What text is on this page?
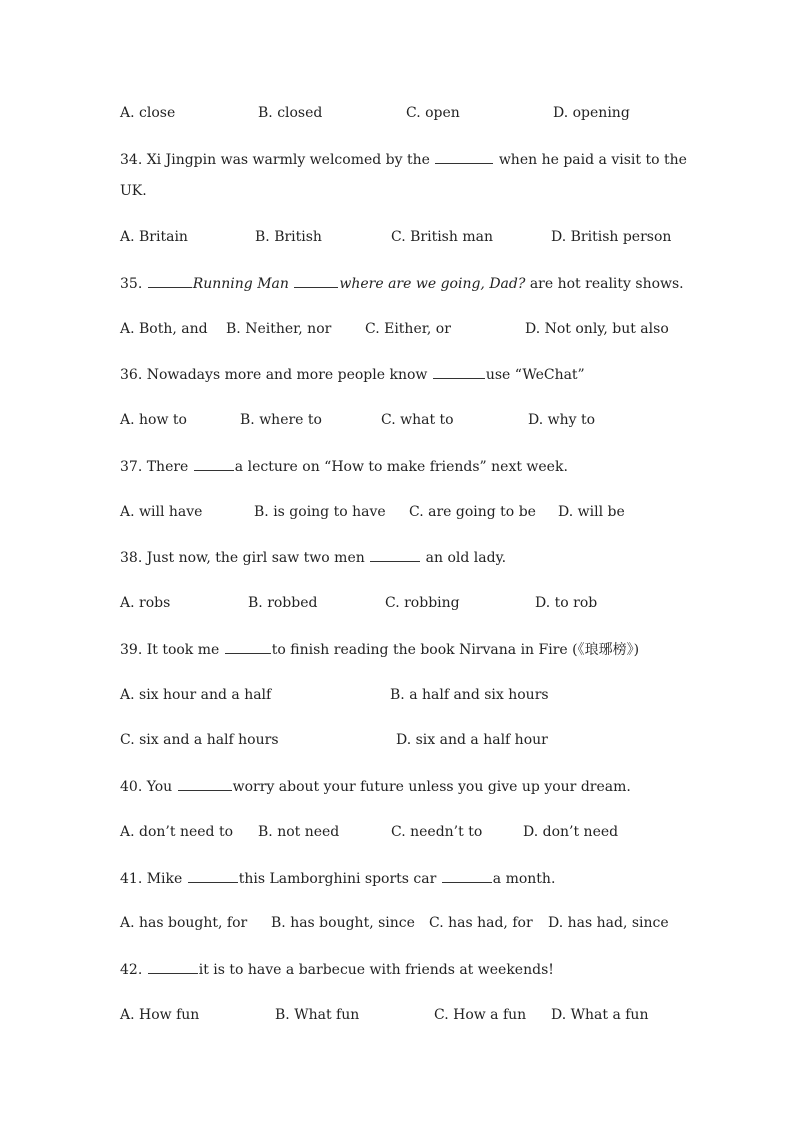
A. close	B. closed	C. open	D. opening
34. Xi Jingpin was warmly welcomed by the	when he paid a visit to the
UK.
A. Britain	B. British	C. British man	D. British person
35.	Running Man	where are we going, Dad? are hot reality shows.
A. Both, and B. Neither, nor C. Either, or	D. Not only, but also
36. Nowadays more and more people know	use “WeChat”
A. how to	B. where to	C. what to	D. why to
37. There	a lecture on “How to make friends” next week.
A. will have	B. is going to have C. are going to be D. will be
38. Just now, the girl saw two men	an old lady.
A. robs	B. robbed	C. robbing	D. to rob
39. It took me	to finish reading the book Nirvana in Fire (《琅琊榜》)
A. six hour and a half	B. a half and six hours
C. six and a half hours	D. six and a half hour
40. You	worry about your future unless you give up your dream.
A. don’t need to B. not need	C. needn’t to	D. don’t need
41. Mike	this Lamborghini sports car	a month.
A. has bought, for B. has bought, since C. has had, for D. has had, since
42.	it is to have a barbecue with friends at weekends!
A. How fun	B. What fun	C. How a fun D. What a fun
